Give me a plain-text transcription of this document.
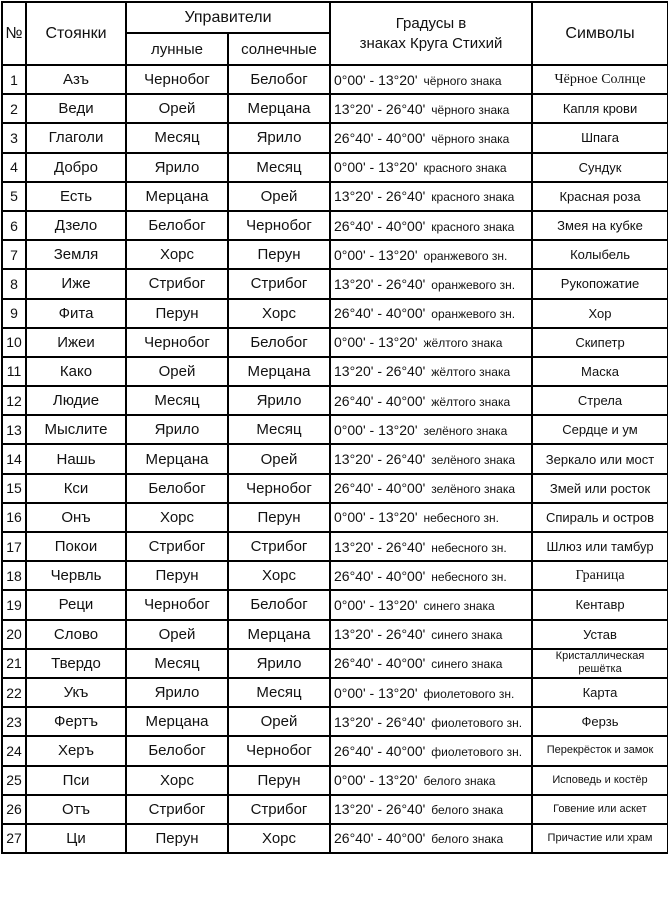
№	Стоянки	Управители		Градусы в
знаках Круга Стихий	Символы
		лунные	солнечные		
1	Азъ	Чернобог	Белобог	0°00' - 13°20' чёрного знака	Чёрное Солнце
2	Веди	Орей	Мерцана	13°20' - 26°40' чёрного знака	Капля крови
3	Глаголи	Месяц	Ярило	26°40' - 40°00' чёрного знака	Шпага
4	Добро	Ярило	Месяц	0°00' - 13°20' красного знака	Сундук
5	Есть	Мерцана	Орей	13°20' - 26°40' красного знака	Красная роза
6	Дзело	Белобог	Чернобог	26°40' - 40°00' красного знака	Змея на кубке
7	Земля	Хорс	Перун	0°00' - 13°20' оранжевого зн.	Колыбель
8	Иже	Стрибог	Стрибог	13°20' - 26°40' оранжевого зн.	Рукопожатие
9	Фита	Перун	Хорс	26°40' - 40°00' оранжевого зн.	Хор
10	Ижеи	Чернобог	Белобог	0°00' - 13°20' жёлтого знака	Скипетр
11	Како	Орей	Мерцана	13°20' - 26°40' жёлтого знака	Маска
12	Людие	Месяц	Ярило	26°40' - 40°00' жёлтого знака	Стрела
13	Мыслите	Ярило	Месяц	0°00' - 13°20' зелёного знака	Сердце и ум
14	Нашь	Мерцана	Орей	13°20' - 26°40' зелёного знака	Зеркало или мост
15	Кси	Белобог	Чернобог	26°40' - 40°00' зелёного знака	Змей или росток
16	Онъ	Хорс	Перун	0°00' - 13°20' небесного зн.	Спираль и остров
17	Покои	Стрибог	Стрибог	13°20' - 26°40' небесного зн.	Шлюз или тамбур
18	Червль	Перун	Хорс	26°40' - 40°00' небесного зн.	Граница
19	Реци	Чернобог	Белобог	0°00' - 13°20' синего знака	Кентавр
20	Слово	Орей	Мерцана	13°20' - 26°40' синего знака	Устав
21	Твердо	Месяц	Ярило	26°40' - 40°00' синего знака	Кристаллическая решётка
22	Укъ	Ярило	Месяц	0°00' - 13°20' фиолетового зн.	Карта
23	Фертъ	Мерцана	Орей	13°20' - 26°40' фиолетового зн.	Ферзь
24	Херъ	Белобог	Чернобог	26°40' - 40°00' фиолетового зн.	Перекрёсток и замок
25	Пси	Хорс	Перун	0°00' - 13°20' белого знака	Исповедь и костёр
26	Отъ	Стрибог	Стрибог	13°20' - 26°40' белого знака	Говение или аскет
27	Ци	Перун	Хорс	26°40' - 40°00' белого знака	Причастие или храм
